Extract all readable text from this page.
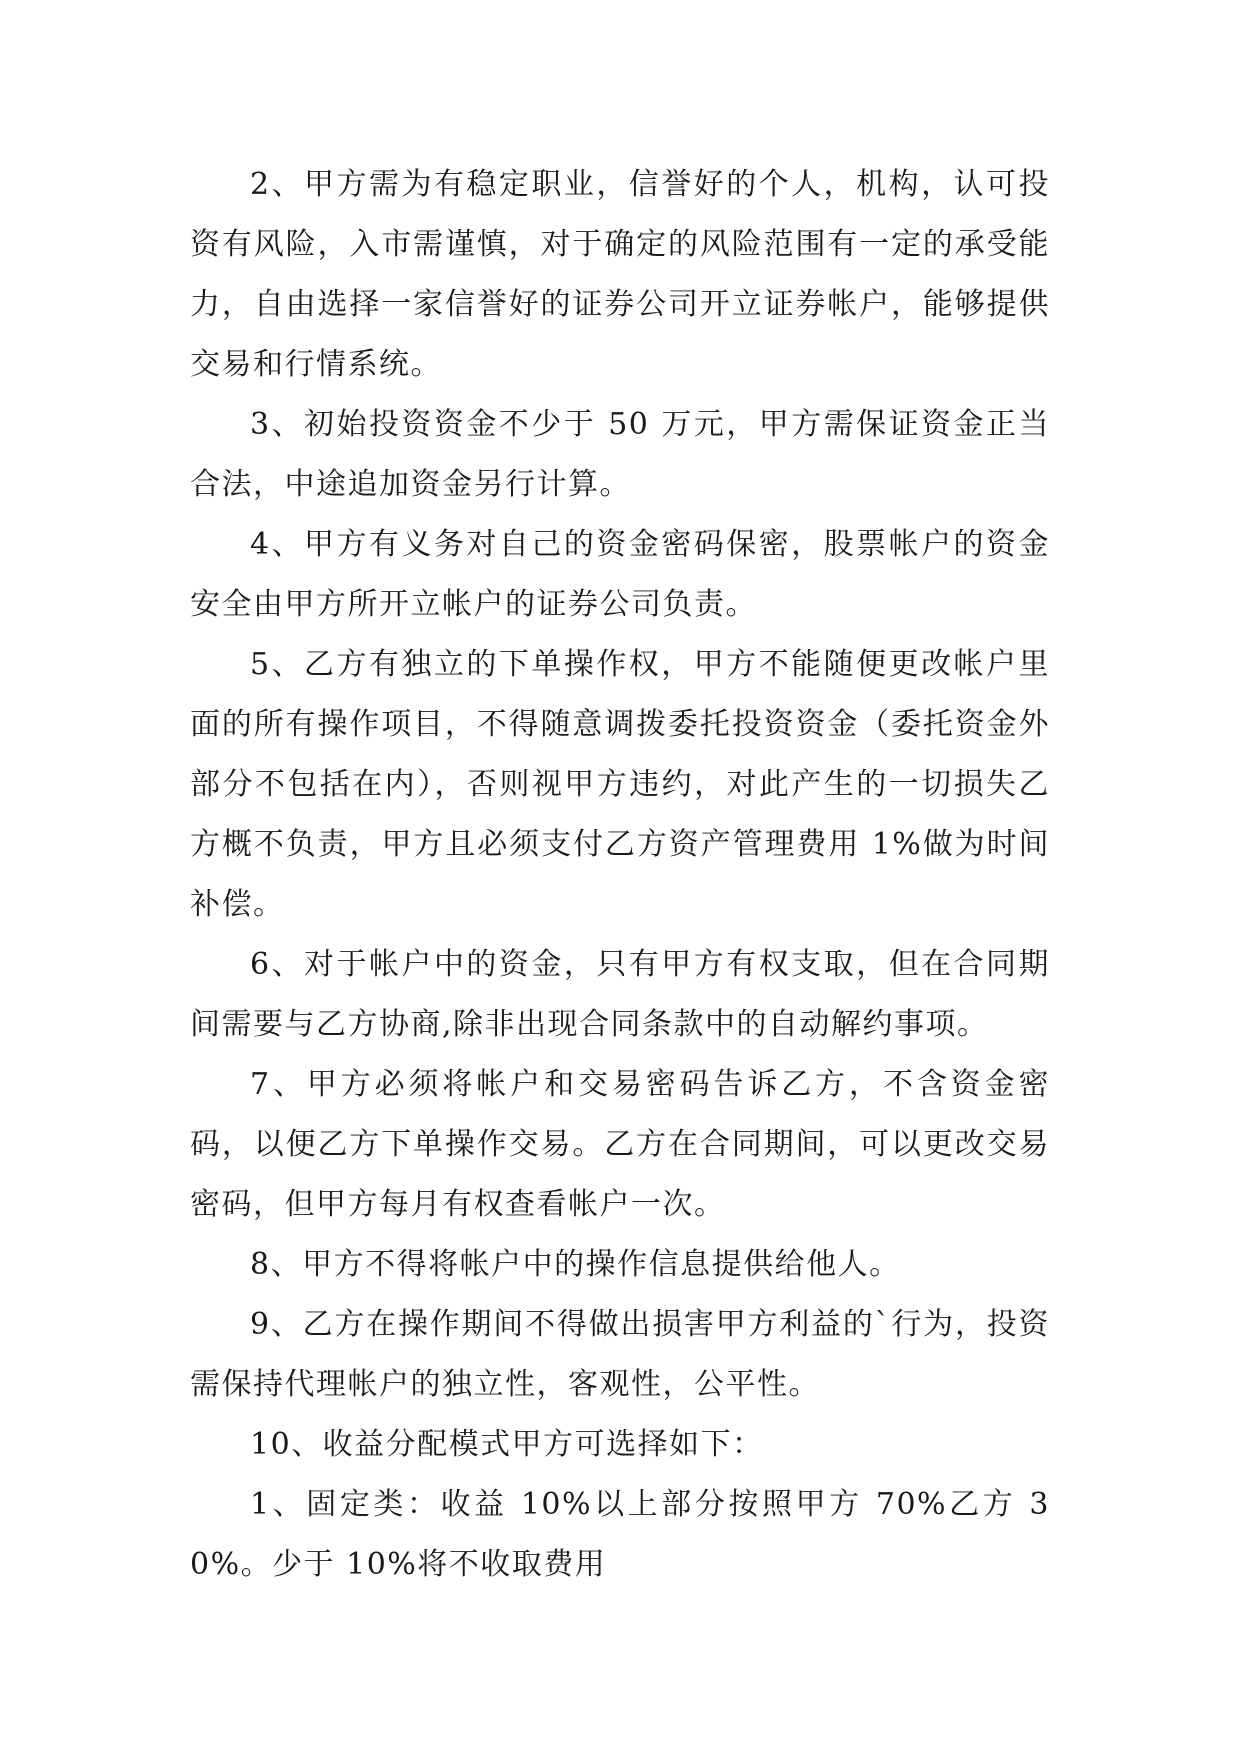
2、甲方需为有稳定职业，信誉好的个人，机构，认可投资有风险，入市需谨慎，对于确定的风险范围有一定的承受能力，自由选择一家信誉好的证券公司开立证券帐户，能够提供交易和行情系统。

3、初始投资资金不少于 50 万元，甲方需保证资金正当合法，中途追加资金另行计算。

4、甲方有义务对自己的资金密码保密，股票帐户的资金安全由甲方所开立帐户的证券公司负责。

5、乙方有独立的下单操作权，甲方不能随便更改帐户里面的所有操作项目，不得随意调拨委托投资资金（委托资金外部分不包括在内），否则视甲方违约，对此产生的一切损失乙方概不负责，甲方且必须支付乙方资产管理费用 1%做为时间补偿。

6、对于帐户中的资金，只有甲方有权支取，但在合同期间需要与乙方协商,除非出现合同条款中的自动解约事项。

7、甲方必须将帐户和交易密码告诉乙方，不含资金密码，以便乙方下单操作交易。乙方在合同期间，可以更改交易密码，但甲方每月有权查看帐户一次。

8、甲方不得将帐户中的操作信息提供给他人。

9、乙方在操作期间不得做出损害甲方利益的`行为，投资需保持代理帐户的独立性，客观性，公平性。

10、收益分配模式甲方可选择如下：

1、固定类：收益 10%以上部分按照甲方 70%乙方 30%。少于 10%将不收取费用
